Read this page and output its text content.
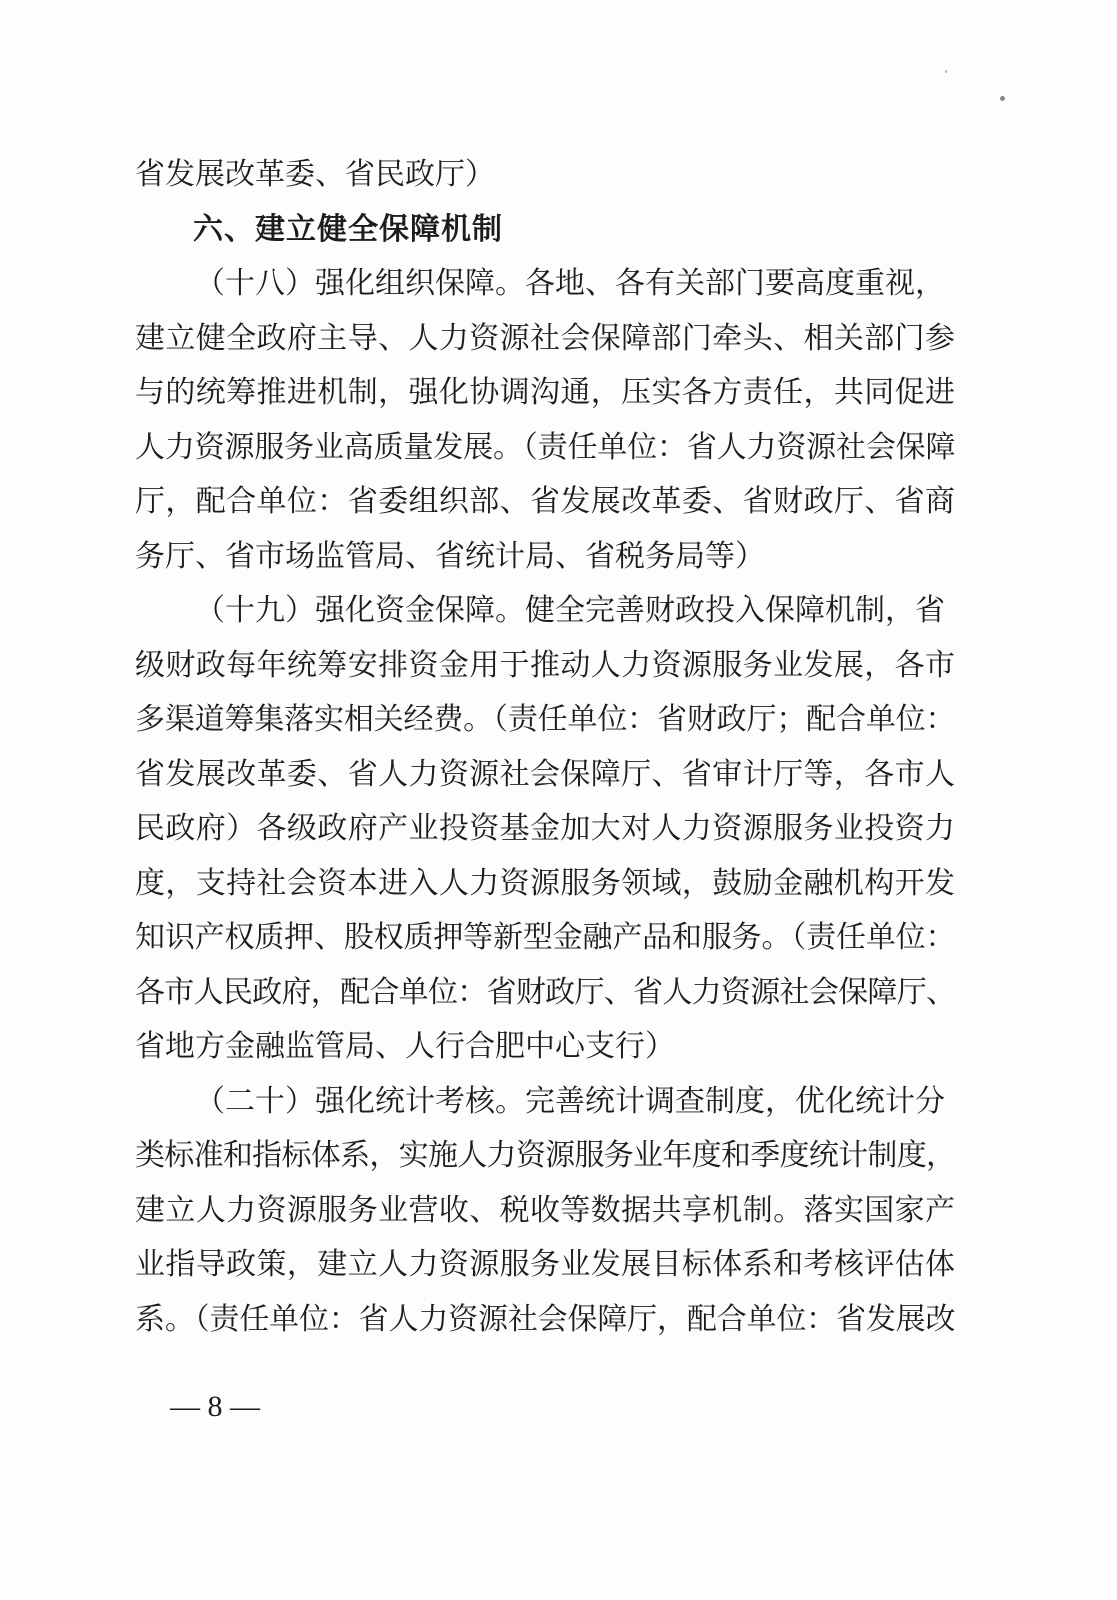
省发展改革委、省民政厅）
六、建立健全保障机制
（十八）强化组织保障。各地、各有关部门要高度重视，
建立健全政府主导、人力资源社会保障部门牵头、相关部门参
与的统筹推进机制，强化协调沟通，压实各方责任，共同促进
人力资源服务业高质量发展。（责任单位：省人力资源社会保障
厅，配合单位：省委组织部、省发展改革委、省财政厅、省商
务厅、省市场监管局、省统计局、省税务局等）
（十九）强化资金保障。健全完善财政投入保障机制，省
级财政每年统筹安排资金用于推动人力资源服务业发展，各市
多渠道筹集落实相关经费。（责任单位：省财政厅；配合单位：
省发展改革委、省人力资源社会保障厅、省审计厅等，各市人
民政府）各级政府产业投资基金加大对人力资源服务业投资力
度，支持社会资本进入人力资源服务领域，鼓励金融机构开发
知识产权质押、股权质押等新型金融产品和服务。（责任单位：
各市人民政府，配合单位：省财政厅、省人力资源社会保障厅、
省地方金融监管局、人行合肥中心支行）
（二十）强化统计考核。完善统计调查制度，优化统计分
类标准和指标体系，实施人力资源服务业年度和季度统计制度，
建立人力资源服务业营收、税收等数据共享机制。落实国家产
业指导政策，建立人力资源服务业发展目标体系和考核评估体
系。（责任单位：省人力资源社会保障厅，配合单位：省发展改
— 8 —
